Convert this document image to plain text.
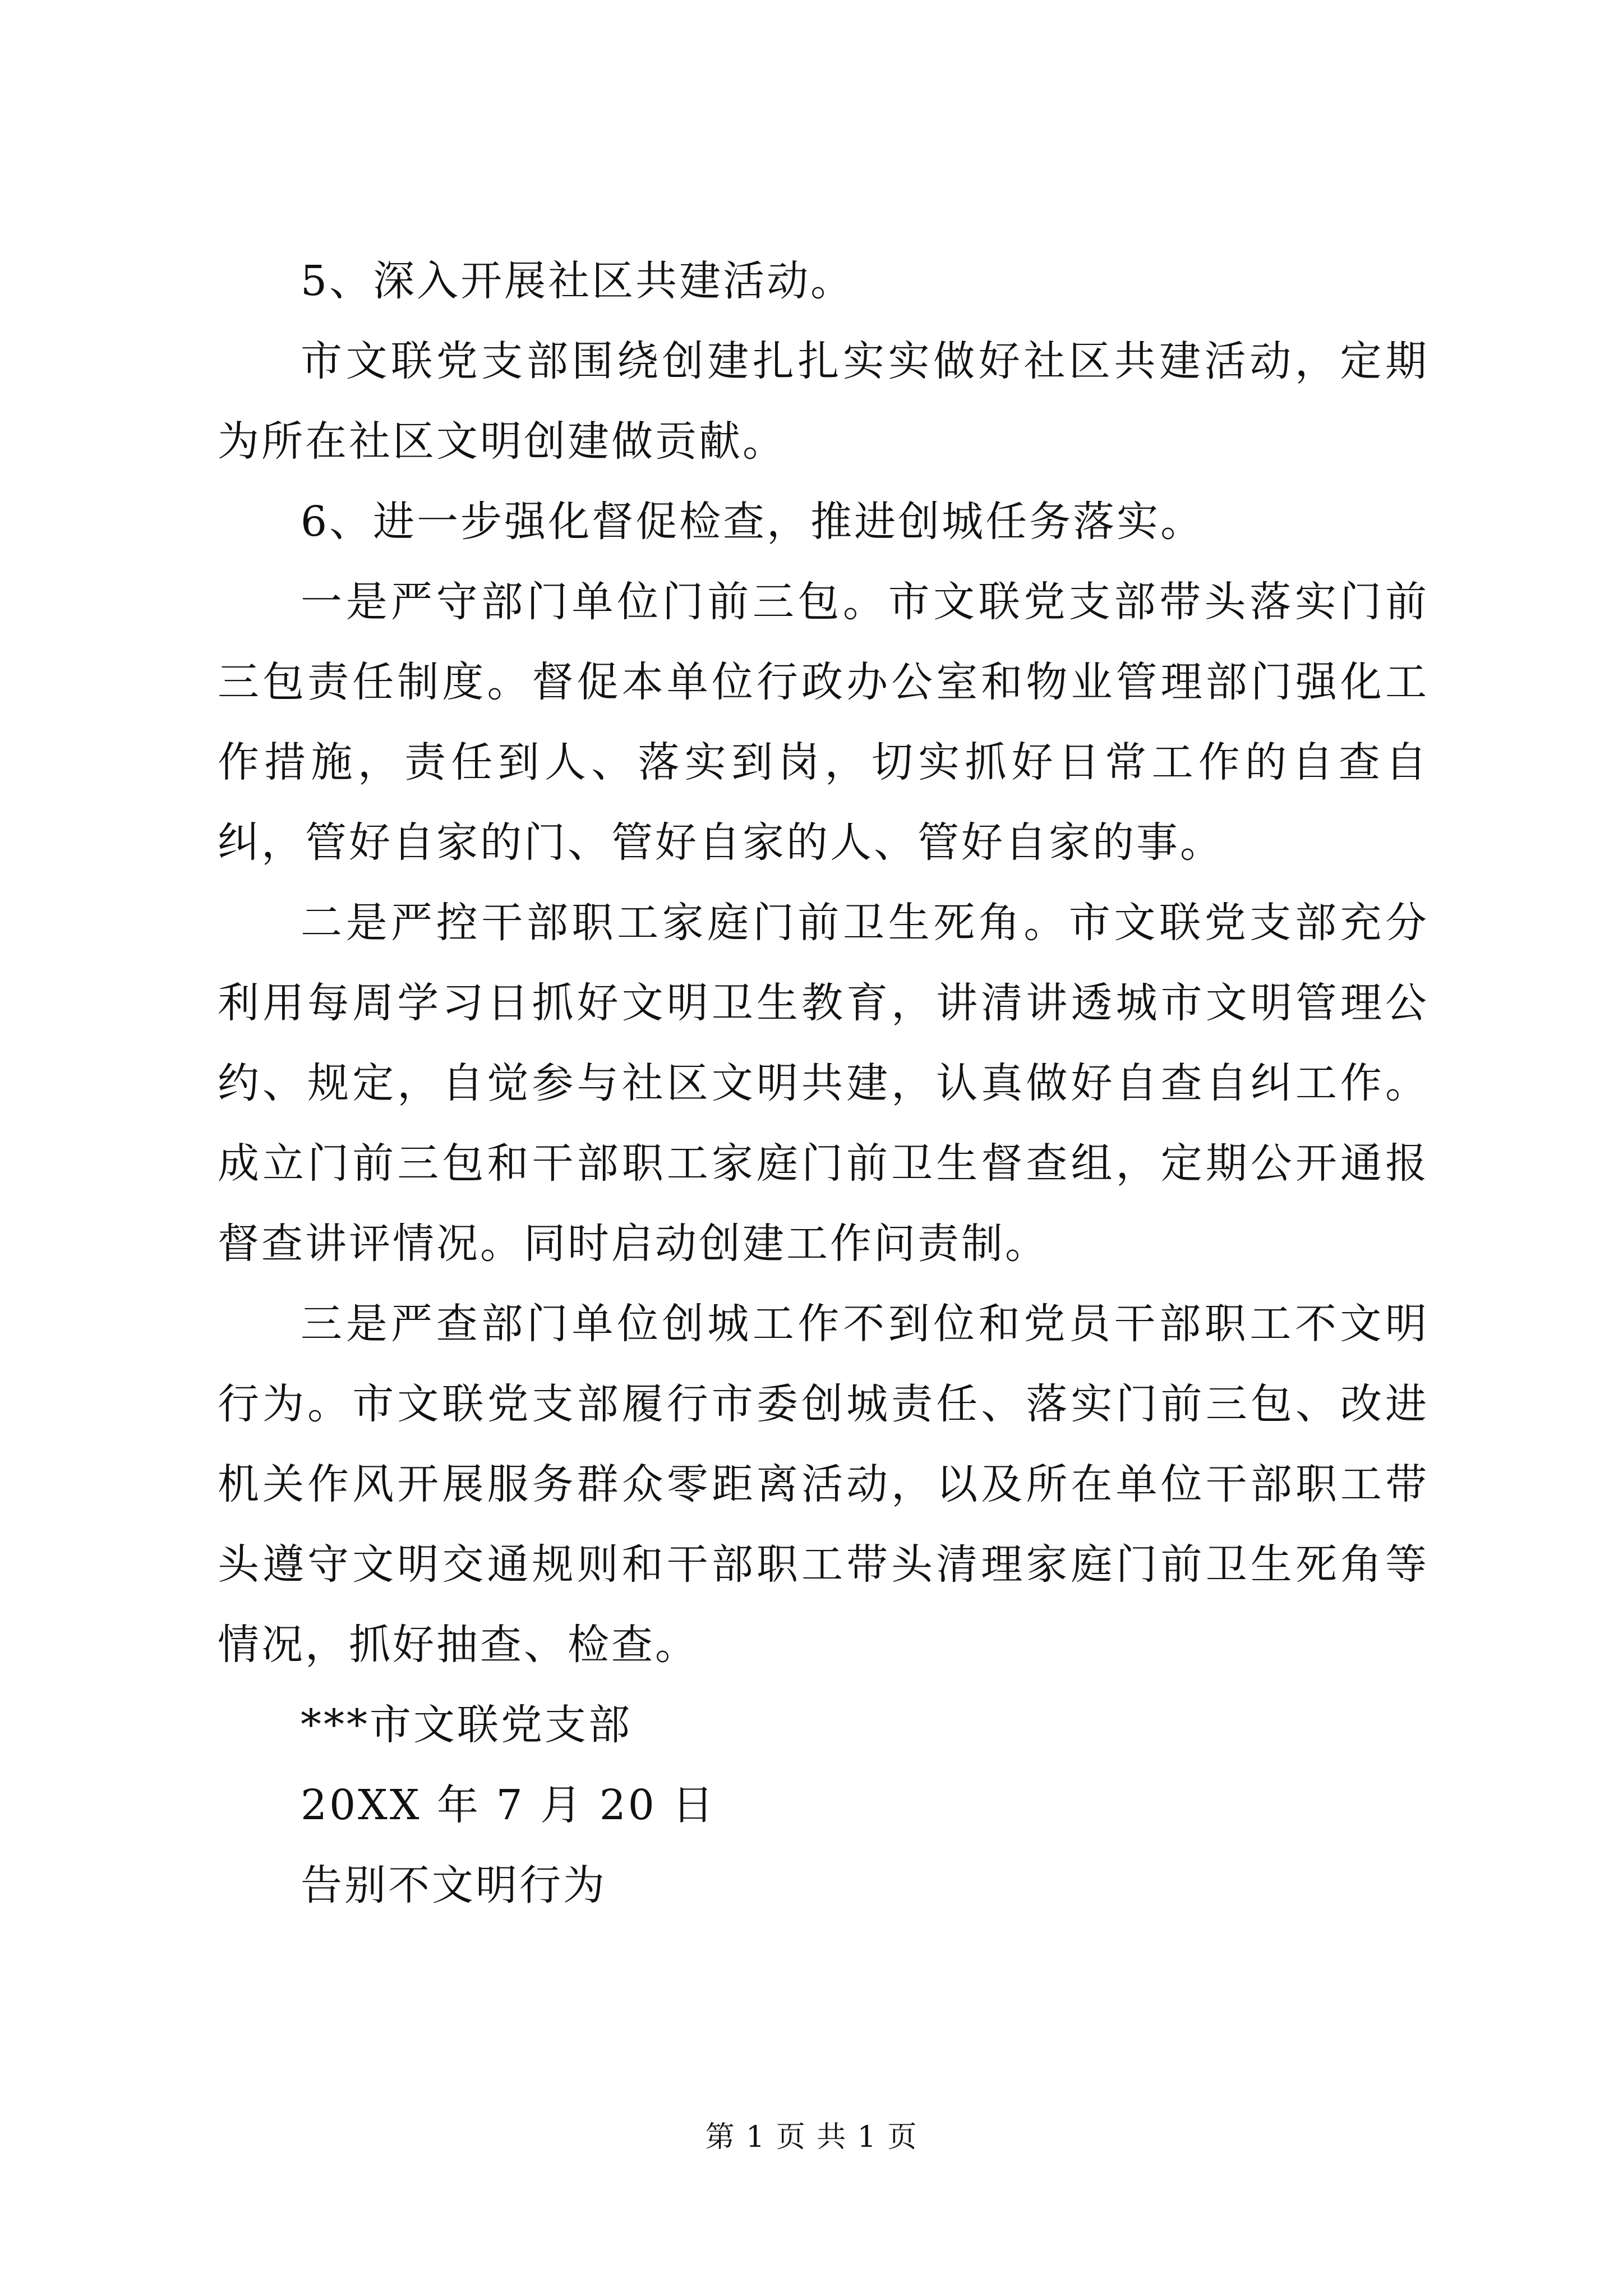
5、深入开展社区共建活动。

市文联党支部围绕创建扎扎实实做好社区共建活动，定期为所在社区文明创建做贡献。

6、进一步强化督促检查，推进创城任务落实。

一是严守部门单位门前三包。市文联党支部带头落实门前三包责任制度。督促本单位行政办公室和物业管理部门强化工作措施，责任到人、落实到岗，切实抓好日常工作的自查自纠，管好自家的门、管好自家的人、管好自家的事。

二是严控干部职工家庭门前卫生死角。市文联党支部充分利用每周学习日抓好文明卫生教育，讲清讲透城市文明管理公约、规定，自觉参与社区文明共建，认真做好自查自纠工作。成立门前三包和干部职工家庭门前卫生督查组，定期公开通报督查讲评情况。同时启动创建工作问责制。

三是严查部门单位创城工作不到位和党员干部职工不文明行为。市文联党支部履行市委创城责任、落实门前三包、改进机关作风开展服务群众零距离活动，以及所在单位干部职工带头遵守文明交通规则和干部职工带头清理家庭门前卫生死角等情况，抓好抽查、检查。

***市文联党支部

20XX 年 7 月 20 日

告别不文明行为

第 1 页 共 1 页
